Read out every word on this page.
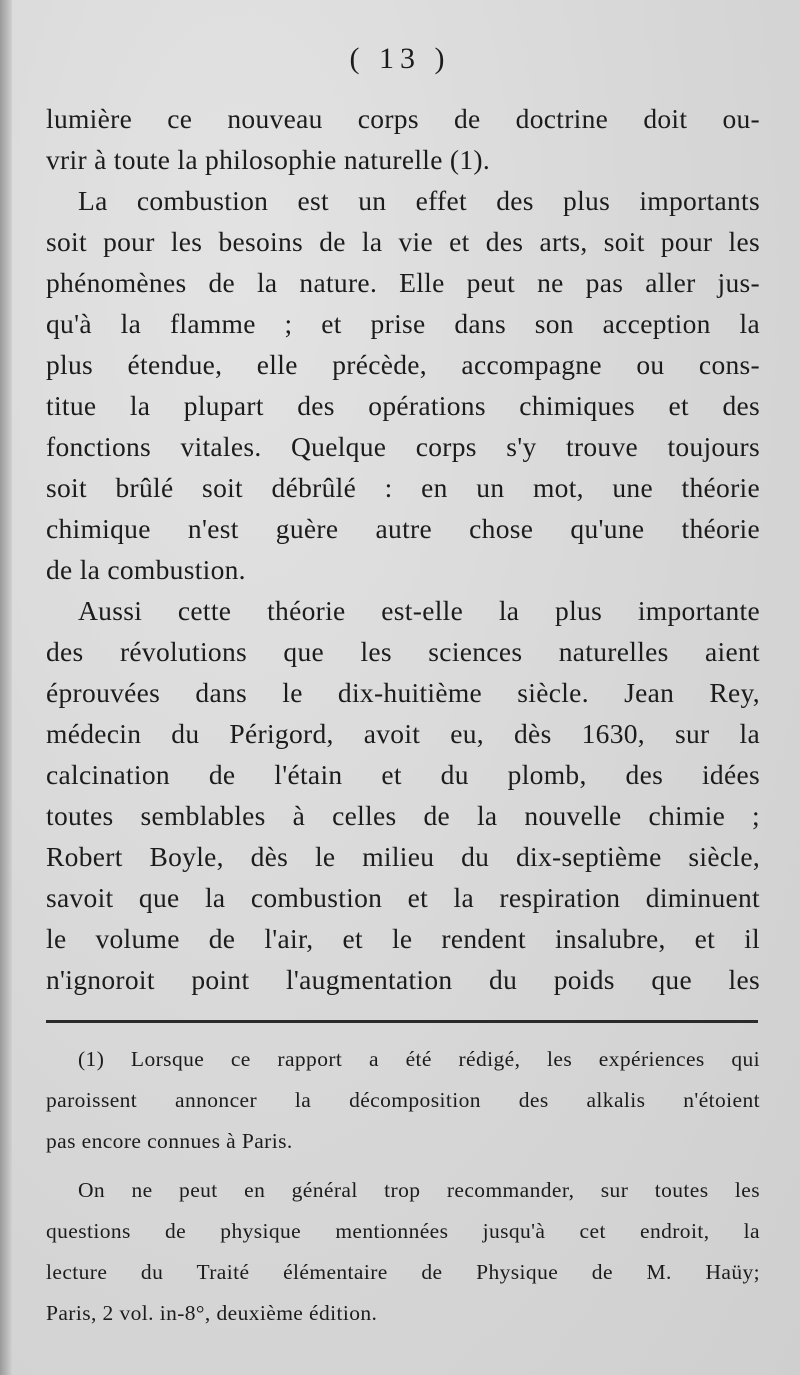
( 13 )
lumière ce nouveau corps de doctrine doit ou-
vrir à toute la philosophie naturelle (1).
La combustion est un effet des plus importants
soit pour les besoins de la vie et des arts, soit pour les
phénomènes de la nature. Elle peut ne pas aller jus-
qu'à la flamme ; et prise dans son acception la
plus étendue, elle précède, accompagne ou cons-
titue la plupart des opérations chimiques et des
fonctions vitales. Quelque corps s'y trouve toujours
soit brûlé soit débrûlé : en un mot, une théorie
chimique n'est guère autre chose qu'une théorie
de la combustion.
Aussi cette théorie est-elle la plus importante
des révolutions que les sciences naturelles aient
éprouvées dans le dix-huitième siècle. Jean Rey,
médecin du Périgord, avoit eu, dès 1630, sur la
calcination de l'étain et du plomb, des idées
toutes semblables à celles de la nouvelle chimie ;
Robert Boyle, dès le milieu du dix-septième siècle,
savoit que la combustion et la respiration diminuent
le volume de l'air, et le rendent insalubre, et il
n'ignoroit point l'augmentation du poids que les
(1) Lorsque ce rapport a été rédigé, les expériences qui
paroissent annoncer la décomposition des alkalis n'étoient
pas encore connues à Paris.
On ne peut en général trop recommander, sur toutes les
questions de physique mentionnées jusqu'à cet endroit, la
lecture du Traité élémentaire de Physique de M. Haüy;
Paris, 2 vol. in-8°, deuxième édition.
